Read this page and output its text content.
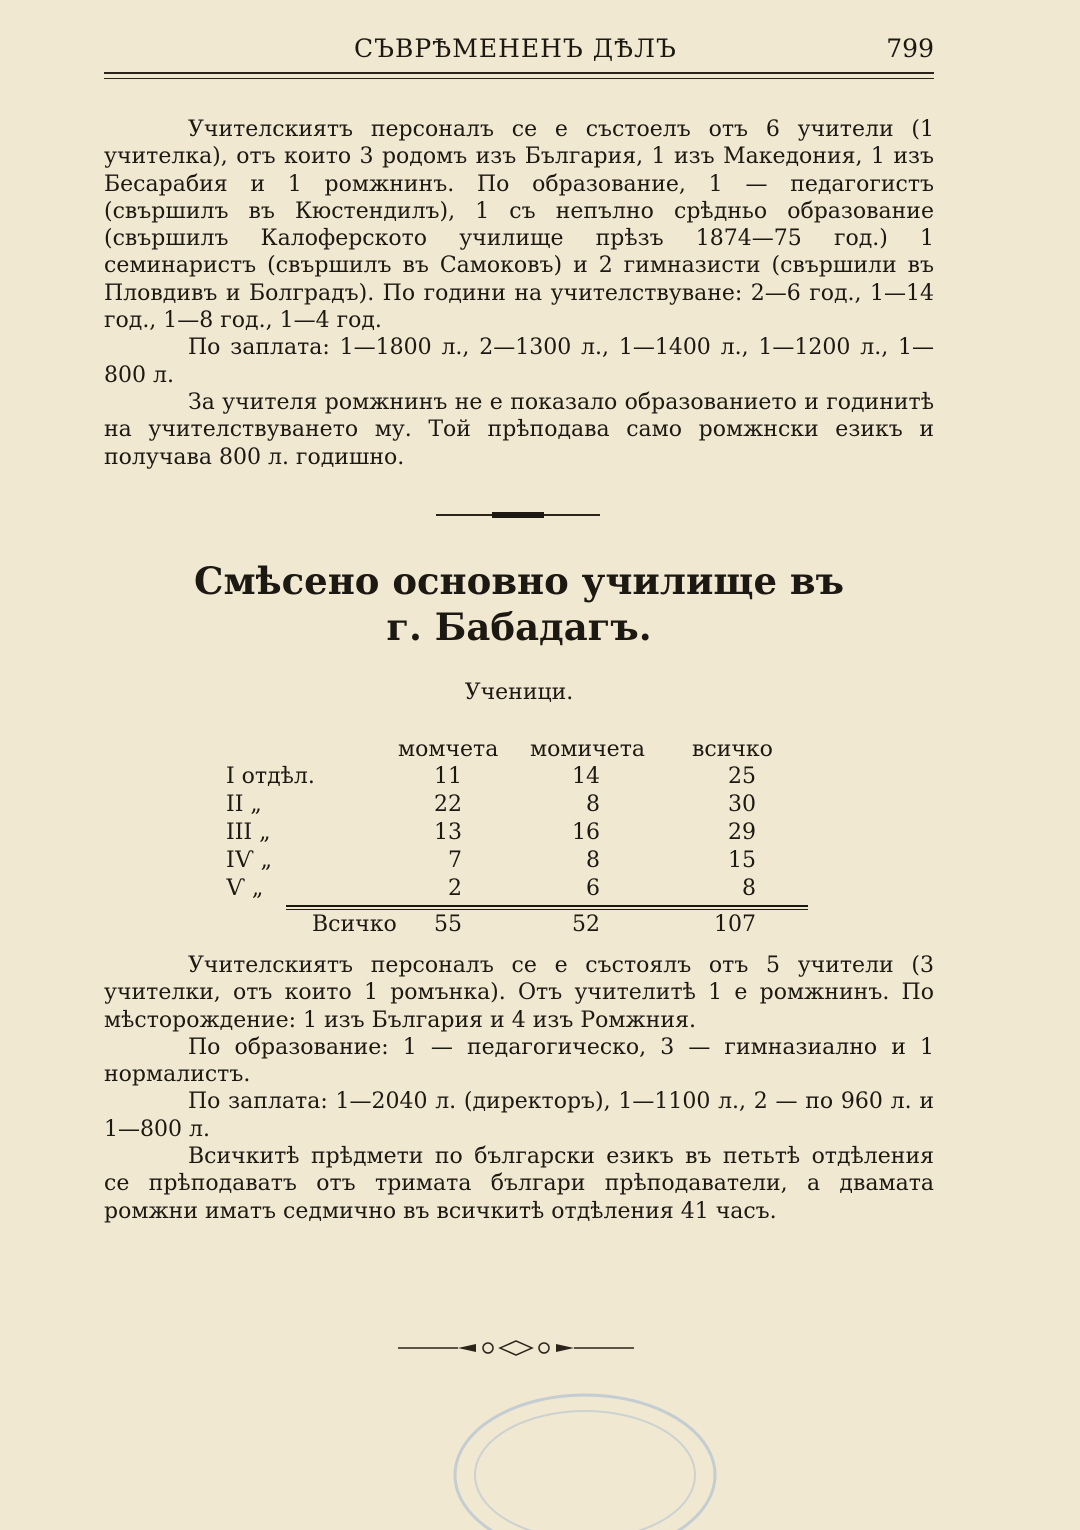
СЪВРѢМЕНЕНЪ ДѢЛЪ	799

Учителскиятъ персоналъ се е състоелъ отъ 6 учители (1 учителка), отъ които 3 родомъ изъ България, 1 изъ Македония, 1 изъ Бесарабия и 1 ромжнинъ. По образование, 1 — педагогистъ (свършилъ въ Кюстендилъ), 1 съ непълно срѣдньо образование (свършилъ Калоферското училище прѣзъ 1874—75 год.) 1 семинаристъ (свършилъ въ Самоковъ) и 2 гимназисти (свършили въ Пловдивъ и Болградъ). По години на учителствуване: 2—6 год., 1—14 год., 1—8 год., 1—4 год.

По заплата: 1—1800 л., 2—1300 л., 1—1400 л., 1—1200 л., 1—800 л.

За учителя ромжнинъ не е показало образованието и годинитѣ на учителствуването му. Той прѣподава само ромжнски езикъ и получава 800 л. годишно.

Смѣсено основно училище въ
г. Бабадагъ.
Ученици.
момчета момичета всичко
I отдѣл.	11	14	25
II „	22	8	30
III „	13	16	29
IѴ „	7	8	15
Ѵ „	2	6	8
Всичко	55	52	107

Учителскиятъ персоналъ се е състоялъ отъ 5 учители (3 учителки, отъ които 1 ромънка). Отъ учителитѣ 1 е ромжнинъ. По мѣсторождение: 1 изъ България и 4 изъ Ромжния.

По образование: 1 — педагогическо, 3 — гимназиално и 1 нормалистъ.

По заплата: 1—2040 л. (директоръ), 1—1100 л., 2 — по 960 л. и 1—800 л.

Всичкитѣ прѣдмети по български езикъ въ петьтѣ отдѣления се прѣподаватъ отъ тримата българи прѣподаватели, а двамата ромжни иматъ седмично въ всичкитѣ отдѣления 41 часъ.
